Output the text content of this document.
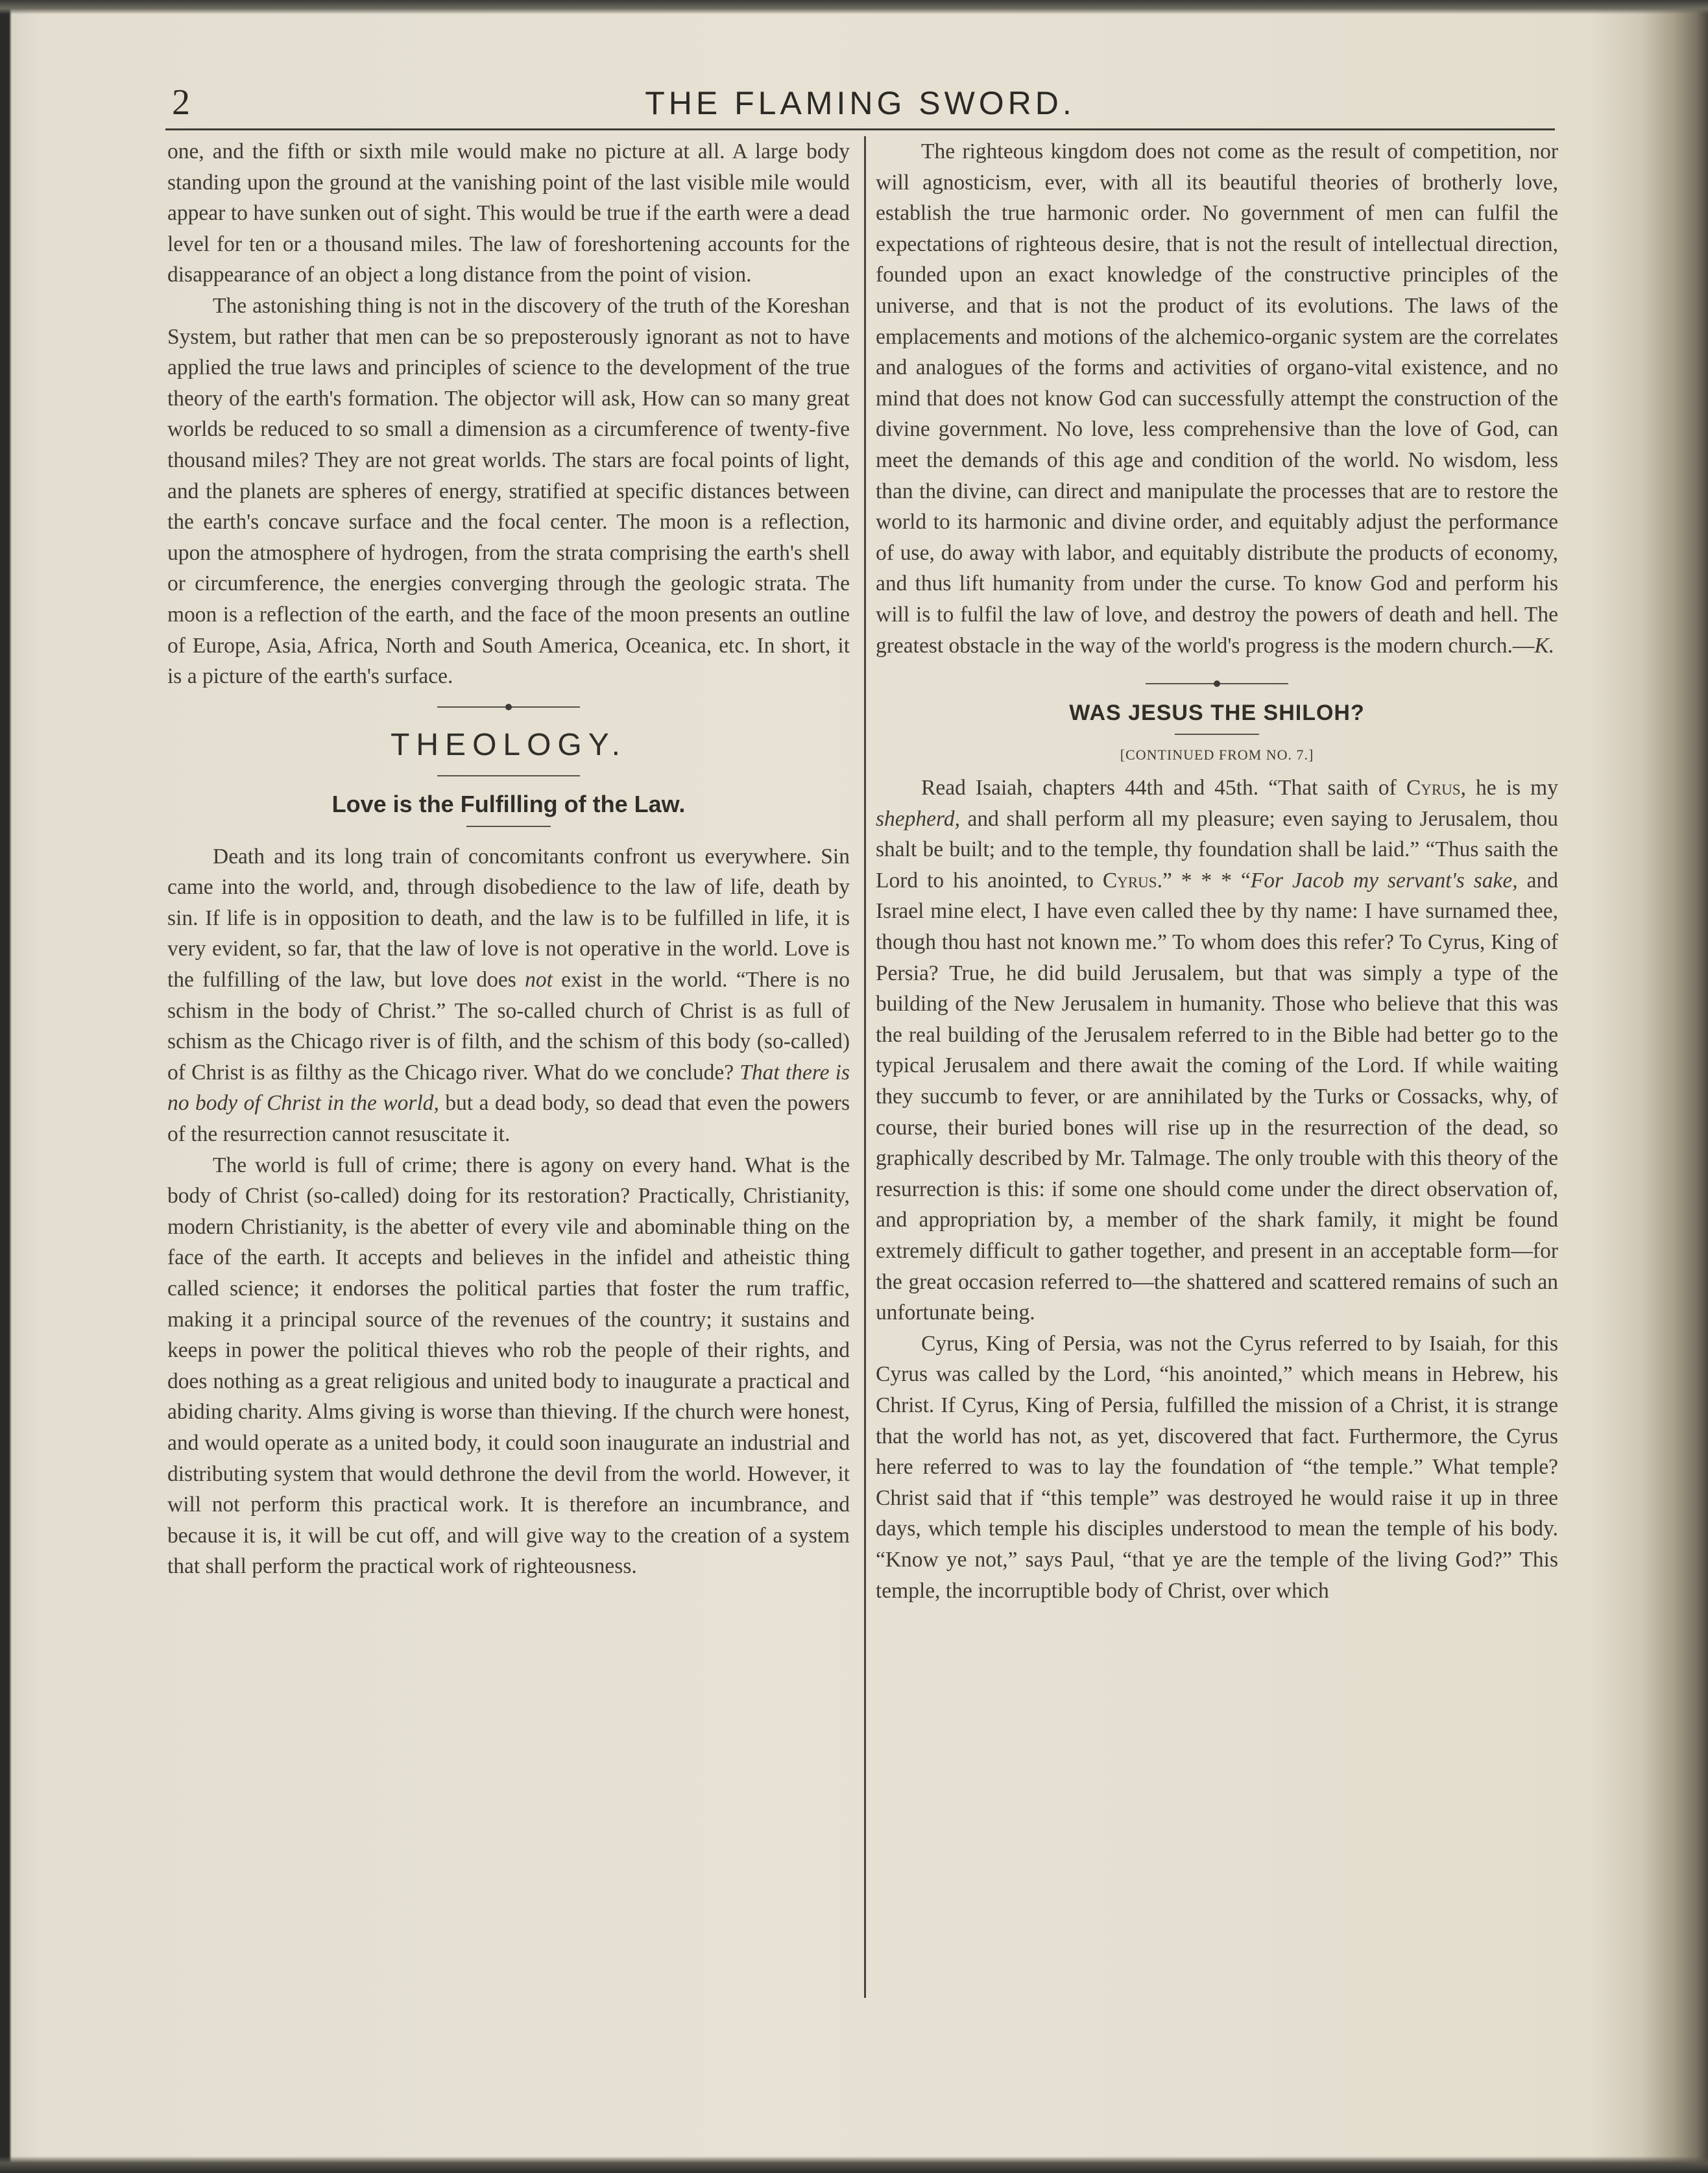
2	THE FLAMING SWORD.

one, and the fifth or sixth mile would make no picture at all. A large body standing upon the ground at the vanishing point of the last visible mile would appear to have sunken out of sight. This would be true if the earth were a dead level for ten or a thousand miles. The law of foreshortening accounts for the disappearance of an object a long distance from the point of vision.

The astonishing thing is not in the discovery of the truth of the Koreshan System, but rather that men can be so preposterously ignorant as not to have applied the true laws and principles of science to the development of the true theory of the earth's formation. The objector will ask, How can so many great worlds be reduced to so small a dimension as a circumference of twenty-five thousand miles? They are not great worlds. The stars are focal points of light, and the planets are spheres of energy, stratified at specific distances between the earth's concave surface and the focal center. The moon is a reflection, upon the atmosphere of hydrogen, from the strata comprising the earth's shell or circumference, the energies converging through the geologic strata. The moon is a reflection of the earth, and the face of the moon presents an outline of Europe, Asia, Africa, North and South America, Oceanica, etc. In short, it is a picture of the earth's surface.

THEOLOGY.
Love is the Fulfilling of the Law.

Death and its long train of concomitants confront us everywhere. Sin came into the world, and, through disobedience to the law of life, death by sin. If life is in opposition to death, and the law is to be fulfilled in life, it is very evident, so far, that the law of love is not operative in the world. Love is the fulfilling of the law, but love does not exist in the world. “There is no schism in the body of Christ.” The so-called church of Christ is as full of schism as the Chicago river is of filth, and the schism of this body (so-called) of Christ is as filthy as the Chicago river. What do we conclude? That there is no body of Christ in the world, but a dead body, so dead that even the powers of the resurrection cannot resuscitate it.

The world is full of crime; there is agony on every hand. What is the body of Christ (so-called) doing for its restoration? Practically, Christianity, modern Christianity, is the abetter of every vile and abominable thing on the face of the earth. It accepts and believes in the infidel and atheistic thing called science; it endorses the political parties that foster the rum traffic, making it a principal source of the revenues of the country; it sustains and keeps in power the political thieves who rob the people of their rights, and does nothing as a great religious and united body to inaugurate a practical and abiding charity. Alms giving is worse than thieving. If the church were honest, and would operate as a united body, it could soon inaugurate an industrial and distributing system that would dethrone the devil from the world. However, it will not perform this practical work. It is therefore an incumbrance, and because it is, it will be cut off, and will give way to the creation of a system that shall perform the practical work of righteousness.

The righteous kingdom does not come as the result of competition, nor will agnosticism, ever, with all its beautiful theories of brotherly love, establish the true harmonic order. No government of men can fulfil the expectations of righteous desire, that is not the result of intellectual direction, founded upon an exact knowledge of the constructive principles of the universe, and that is not the product of its evolutions. The laws of the emplacements and motions of the alchemico-organic system are the correlates and analogues of the forms and activities of organo-vital existence, and no mind that does not know God can successfully attempt the construction of the divine government. No love, less comprehensive than the love of God, can meet the demands of this age and condition of the world. No wisdom, less than the divine, can direct and manipulate the processes that are to restore the world to its harmonic and divine order, and equitably adjust the performance of use, do away with labor, and equitably distribute the products of economy, and thus lift humanity from under the curse. To know God and perform his will is to fulfil the law of love, and destroy the powers of death and hell. The greatest obstacle in the way of the world's progress is the modern church.—K.

WAS JESUS THE SHILOH?
[CONTINUED FROM NO. 7.]

Read Isaiah, chapters 44th and 45th. “That saith of Cyrus, he is my shepherd, and shall perform all my pleasure; even saying to Jerusalem, thou shalt be built; and to the temple, thy foundation shall be laid.” “Thus saith the Lord to his anointed, to Cyrus.” * * * “For Jacob my servant's sake, and Israel mine elect, I have even called thee by thy name: I have surnamed thee, though thou hast not known me.” To whom does this refer? To Cyrus, King of Persia? True, he did build Jerusalem, but that was simply a type of the building of the New Jerusalem in humanity. Those who believe that this was the real building of the Jerusalem referred to in the Bible had better go to the typical Jerusalem and there await the coming of the Lord. If while waiting they succumb to fever, or are annihilated by the Turks or Cossacks, why, of course, their buried bones will rise up in the resurrection of the dead, so graphically described by Mr. Talmage. The only trouble with this theory of the resurrection is this: if some one should come under the direct observation of, and appropriation by, a member of the shark family, it might be found extremely difficult to gather together, and present in an acceptable form—for the great occasion referred to—the shattered and scattered remains of such an unfortunate being.

Cyrus, King of Persia, was not the Cyrus referred to by Isaiah, for this Cyrus was called by the Lord, “his anointed,” which means in Hebrew, his Christ. If Cyrus, King of Persia, fulfilled the mission of a Christ, it is strange that the world has not, as yet, discovered that fact. Furthermore, the Cyrus here referred to was to lay the foundation of “the temple.” What temple? Christ said that if “this temple” was destroyed he would raise it up in three days, which temple his disciples understood to mean the temple of his body. “Know ye not,” says Paul, “that ye are the temple of the living God?” This temple, the incorruptible body of Christ, over which
